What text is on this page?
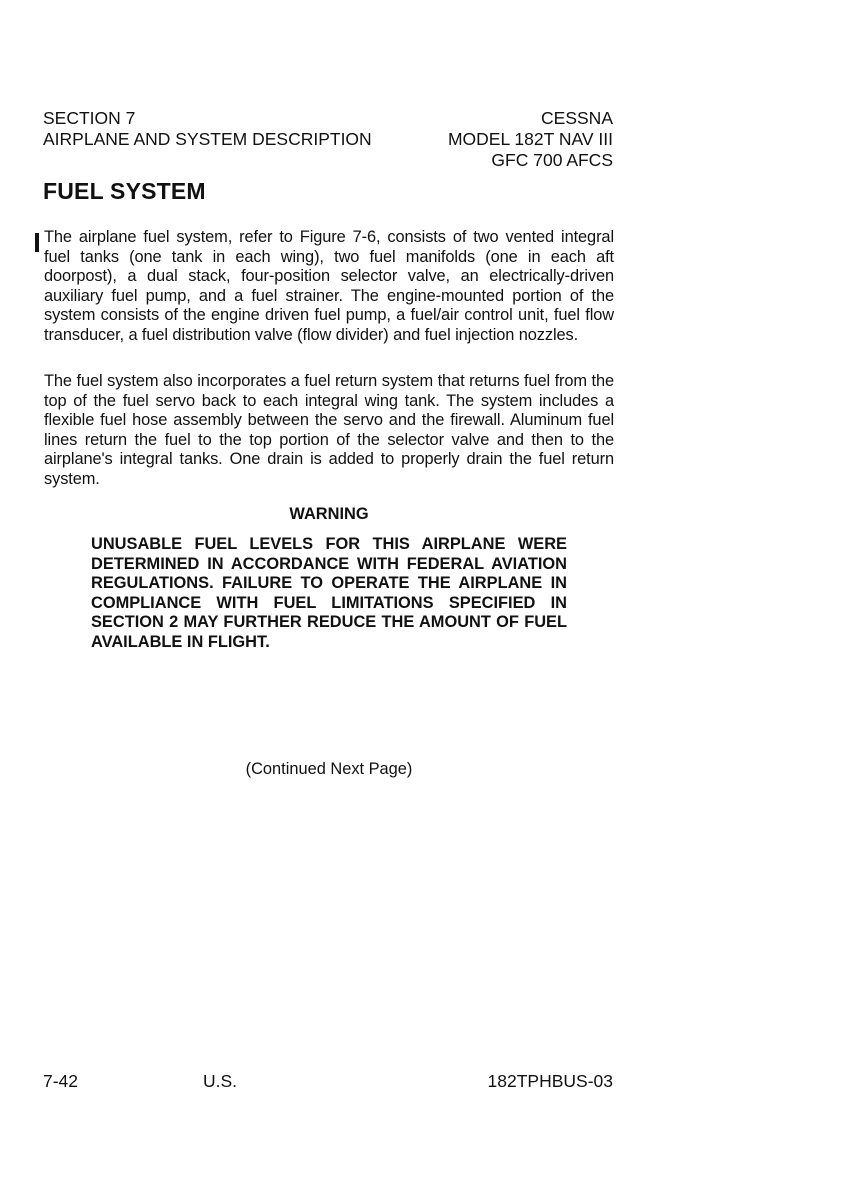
SECTION 7
AIRPLANE AND SYSTEM DESCRIPTION
CESSNA
MODEL 182T NAV III
GFC 700 AFCS
FUEL SYSTEM

The airplane fuel system, refer to Figure 7-6, consists of two vented integral fuel tanks (one tank in each wing), two fuel manifolds (one in each aft doorpost), a dual stack, four-position selector valve, an electrically-driven auxiliary fuel pump, and a fuel strainer. The engine-mounted portion of the system consists of the engine driven fuel pump, a fuel/air control unit, fuel flow transducer, a fuel distribution valve (flow divider) and fuel injection nozzles.

The fuel system also incorporates a fuel return system that returns fuel from the top of the fuel servo back to each integral wing tank. The system includes a flexible fuel hose assembly between the servo and the firewall. Aluminum fuel lines return the fuel to the top portion of the selector valve and then to the airplane's integral tanks. One drain is added to properly drain the fuel return system.

WARNING

UNUSABLE FUEL LEVELS FOR THIS AIRPLANE WERE DETERMINED IN ACCORDANCE WITH FEDERAL AVIATION REGULATIONS. FAILURE TO OPERATE THE AIRPLANE IN COMPLIANCE WITH FUEL LIMITATIONS SPECIFIED IN SECTION 2 MAY FURTHER REDUCE THE AMOUNT OF FUEL AVAILABLE IN FLIGHT.

(Continued Next Page)
7-42	U.S.	182TPHBUS-03
